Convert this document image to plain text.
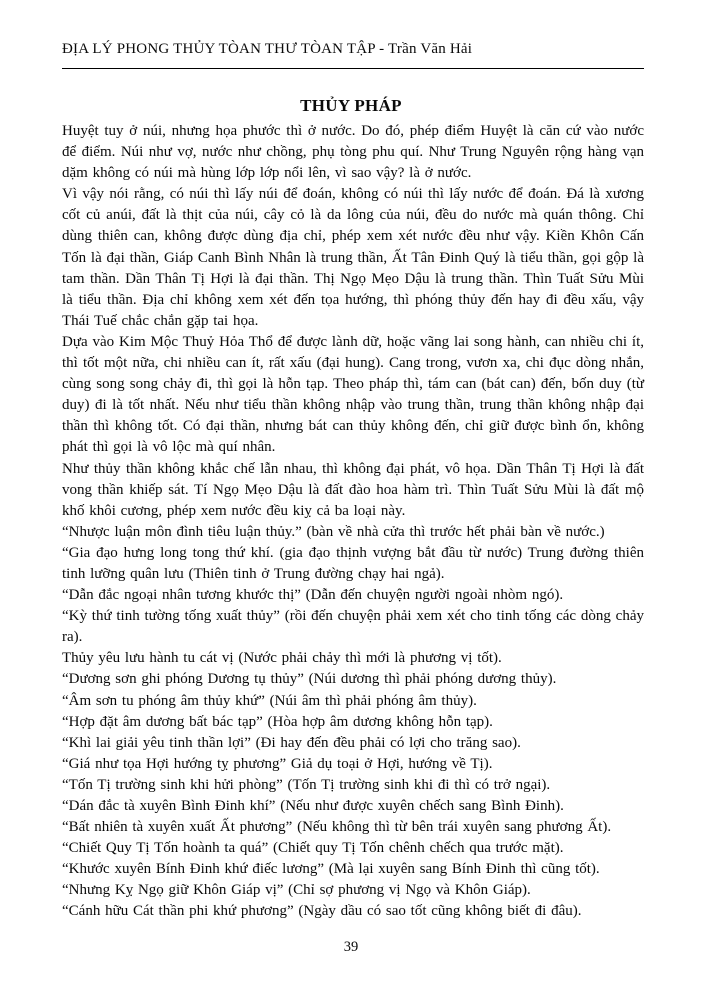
ĐỊA LÝ PHONG THỦY TÒAN THƯ TÒAN TẬP - Trần Văn Hải
THỦY PHÁP

Huyệt tuy ở núi, nhưng họa phước thì ở nước. Do đó, phép điểm Huyệt là căn cứ vào nước để điểm. Núi như vợ, nước như chồng, phụ tòng phu quí. Như Trung Nguyên rộng hàng vạn dặm không có núi mà hùng lớp lớp nổi lên, vì sao vậy? là ở nước.

Vì vậy nói rằng, có núi thì lấy núi để đoán, không có núi thì lấy nước để đoán. Đá là xương cốt củ anúi, đất là thịt của núi, cây cỏ là da lông của núi, đều do nước mà quán thông. Chỉ dùng thiên can, không được dùng địa chỉ, phép xem xét nước đều như vậy. Kiền Khôn Cấn Tốn là đại thần, Giáp Canh Bình Nhân là trung thần, Ất Tân Đinh Quý là tiểu thần, gọi gộp là tam thần. Dần Thân Tị Hợi là đại thần. Thị Ngọ Mẹo Dậu là trung thần. Thìn Tuất Sửu Mùi là tiểu thần. Địa chỉ không xem xét đến tọa hướng, thì phóng thủy đến hay đi đều xấu, vậy Thái Tuế chắc chắn gặp tai họa.

Dựa vào Kim Mộc Thuỷ Hỏa Thổ để được lành dữ, hoặc vãng lai song hành, can nhiều chi ít, thì tốt một nữa, chi nhiều can ít, rất xấu (đại hung). Cang trong, vươn xa, chi đục dòng nhắn, cùng song song chảy đi, thì gọi là hỗn tạp. Theo pháp thì, tám can (bát can) đến, bốn duy (từ duy) đi là tốt nhất. Nếu như tiểu thần không nhập vào trung thần, trung thần không nhập đại thần thì không tốt. Có đại thần, nhưng bát can thủy không đến, chỉ giữ được bình ổn, không phát thì gọi là vô lộc mà quí nhân.

Như thủy thần không khắc chế lẫn nhau, thì không đại phát, vô họa. Dần Thân Tị Hợi là đất vong thần khiếp sát. Tí Ngọ Mẹo Dậu là đất đào hoa hàm trì. Thìn Tuất Sửu Mùi là đất mộ khố khôi cương, phép xem nước đều kiỵ cả ba loại này.

“Nhược luận môn đình tiêu luận thủy.” (bàn về nhà cửa thì trước hết phải bàn về nước.)

“Gia đạo hưng long tong thứ khí. (gia đạo thịnh vượng bắt đầu từ nước) Trung đường thiên tinh lưỡng quân lưu (Thiên tinh ở Trung đường chạy hai ngả).

“Dẫn đắc ngoại nhân tương khước thị” (Dẫn đến chuyện người ngoài nhòm ngó).

“Kỳ thứ tinh tường tống xuất thủy” (rồi đến chuyện phải xem xét cho tinh tống các dòng chảy ra).

Thủy yêu lưu hành tu cát vị (Nước phải chảy thì mới là phương vị tốt).

“Dương sơn ghi phóng Dương tụ thủy” (Núi dương thì phải phóng dương thủy).

“Âm sơn tu phóng âm thủy khứ” (Núi âm thì phải phóng âm thủy).

“Hợp đặt âm dương bất bác tạp” (Hòa hợp âm dương không hỗn tạp).

“Khì lai giải yêu tinh thần lợi” (Đi hay đến đều phải có lợi cho trăng sao).

“Giá như tọa Hợi hướng tỵ phương” Giả dụ toại ở Hợi, hướng về Tị).

“Tốn Tị trường sinh khi hửi phòng” (Tốn Tị trường sinh khi đi thì có trở ngại).

“Dán đắc tà xuyên Bình Đinh khí” (Nếu như được xuyên chếch sang Bình Đinh).

“Bất nhiên tà xuyên xuất Ất phương” (Nếu không thì từ bên trái xuyên sang phương Ất).

“Chiết Quy Tị Tốn hoành ta quá” (Chiết quy Tị Tốn chênh chếch qua trước mặt).

“Khước xuyên Bính Đinh khứ điếc lương” (Mà lại xuyên sang Bính Đinh thì cũng tốt).

“Nhưng Kỵ Ngọ giữ Khôn Giáp vị” (Chỉ sợ phương vị Ngọ và Khôn Giáp).

“Cánh hữu Cát thần phi khứ phương” (Ngày dầu có sao tốt cũng không biết đi đâu).

39
